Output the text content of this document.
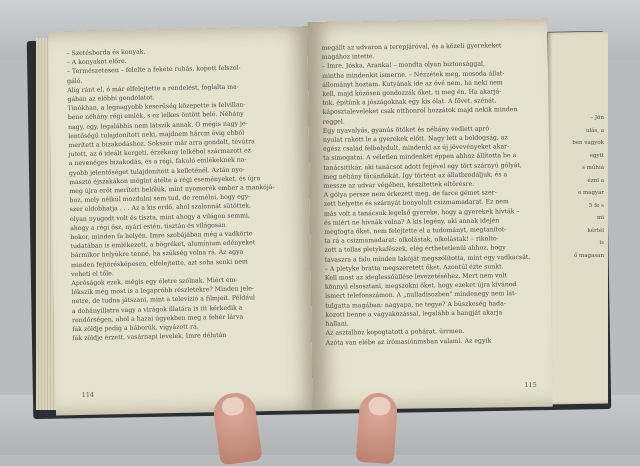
– Szetésborda és konyak.

– A konyakot előre.

– Természetesen – felelte a fekete ruhás, kopott felszol-

gáló.

Alig ránt el, ó már elfelejtette a rendelést, foglalta ma-

gában az előbbi gondolatot.

Tinókhan, a legnagyobb keserűség közepette is felvillan-

bene néhány régi emlék, s ez lelkes öntött belé. Néhány

nagy, egy, legalábbis nem látszik annak. Ó mégis nagy je-

lentőségű tulajdonított neki, majdnem hárcm évig ebből

merített a bizakodáshoz. Sokszor már arra gondolt, tévútra

jutott, az ő ideált kergeti, érzékeny lelkébol származott ez

a nevenéges bizakodás, és a régi, fakuló emlékeknek na-

gyobb jelentőséget tulajdonított a kelleténél. Aztán nyo-

masztó éjszakákon mégint átélte a régi eseményeket, és újra

meg újra erőt merített belőlük, mint nyomorék ember a mankójá-

hoz, mely nélkül mozdulni sem tud, de remélni, hogy egy-

szer eldobhatja . . . Az a kis erdő, ahol szalonnát sütöttek,

olyan nyugodt volt és tiszta, mint ahogy a világon semmi,

ahogy a régi ősz, nyári estén, tisztán és világosan

bokor, minden fa helyén. Imre szobájában még a vadkörte

tudatában is emlékezett, a bögréket, alumínium edényeket

bármikor helyükre tenné, ha szükség volna rá. Az agya

minden fejtörésképesen, elfelejtette, azt soha senki nem

veheti el tőle.

Apróságok ezek, mégis egy életre szólnak. Miért em-

lékszik még most is a legapróbb részletekre? Minden jele-

netre, de tudna játszani, mint a televízió a filmjeit. Például

a dohányillatra vagy a virágok illatára is itt kérkedik a

rendőrségen, ahol a hazai ügyekben meg a fehér lárva

fák zöldje pedig a háborúk, vigyázott rá.

fák zöldje érzett, vasárnapi levelek, Imre délután

114

megállt az udvaron a terepjáróval, és a közeli gyerekeket

magához intette.

– Imre, Jóska, Aranka! – mondta olyan biztonsággal,

mintha mindenkit ismerne. – Nézzétek meg, mosoda állat-

állományt hoztam. Kutyának ide az övé nem, ha neki nem

kell, majd közösen gondozzák őket, ti meg én. Ha akarjá-

tok, építünk a jószágoknak egy kis ólat. A fővet, szénát,

káposztaleveleket csak otthonról hozzátok majd nekik minden

reggel.

Egy nyavalyás, gyanús ötöket és néhány vedlett apró

nyulat rakott le a gyerekek előtt. Nagy lett a boldogság, az

egész család felbolydult, mindenki az új jövevényeket akar-

ta simogatni. A véletlen mindenkét éppen ahhoz állította be a

tanácsittkár, aki tanácsot adott fejjével egy tört szárnyú gólyát,

meg néhány fácánfiókát. Így történt az állatbrodáljuk, és a

messze az udvar végében, készítettek eltörésre.

A gólya persze nem érkezett meg, de farce gémet szer-

zett helyette és szárnyát bonyolult csizmamadarat. Ez nem

más volt a tanácsuk legelső gyereke, hogy a gyerekek hívták –

és miért ne hívnák volna? A kis legény, aki annak idején

megfogta őket, nem felejtette el a tudományt, megtanítot-

ta rá a csizmamadarat: olkolástak, olkolástak! – rikolto-

zott a tollas pletykafészek, elég érthetetlenül ahhoz, hogy

tavaszra a falu minden lakóját megszólította, mint egy vadkacsát.

– A pletyke bratta megszeretett őket. Azontúl ézte sunkt.

Kell most az ideglessőüllése levezetéséhez. Mert nem volt

könnyű elsosztani, megszokni őket, hogy ezeket újra kívánod

ismert telefonszámon. A „nulladisozben" mindenegy nem lát-

tulgatta magában: nagyapa, ne tegye? A büszkeség hada-

kozott benne a vágyakozással, legalább a hangját akarja

hallani.

Az asztalhoz kopogtatott a pohárat, ürrmen.

Azóta van elébe az írómasíónmsban valami. Az egyik

115
– Jön
ulás, a
ben vagyok
egytt
s műhiá
ézni a
e magyar
5 fe s
mi
kértél
is
ő magasan
